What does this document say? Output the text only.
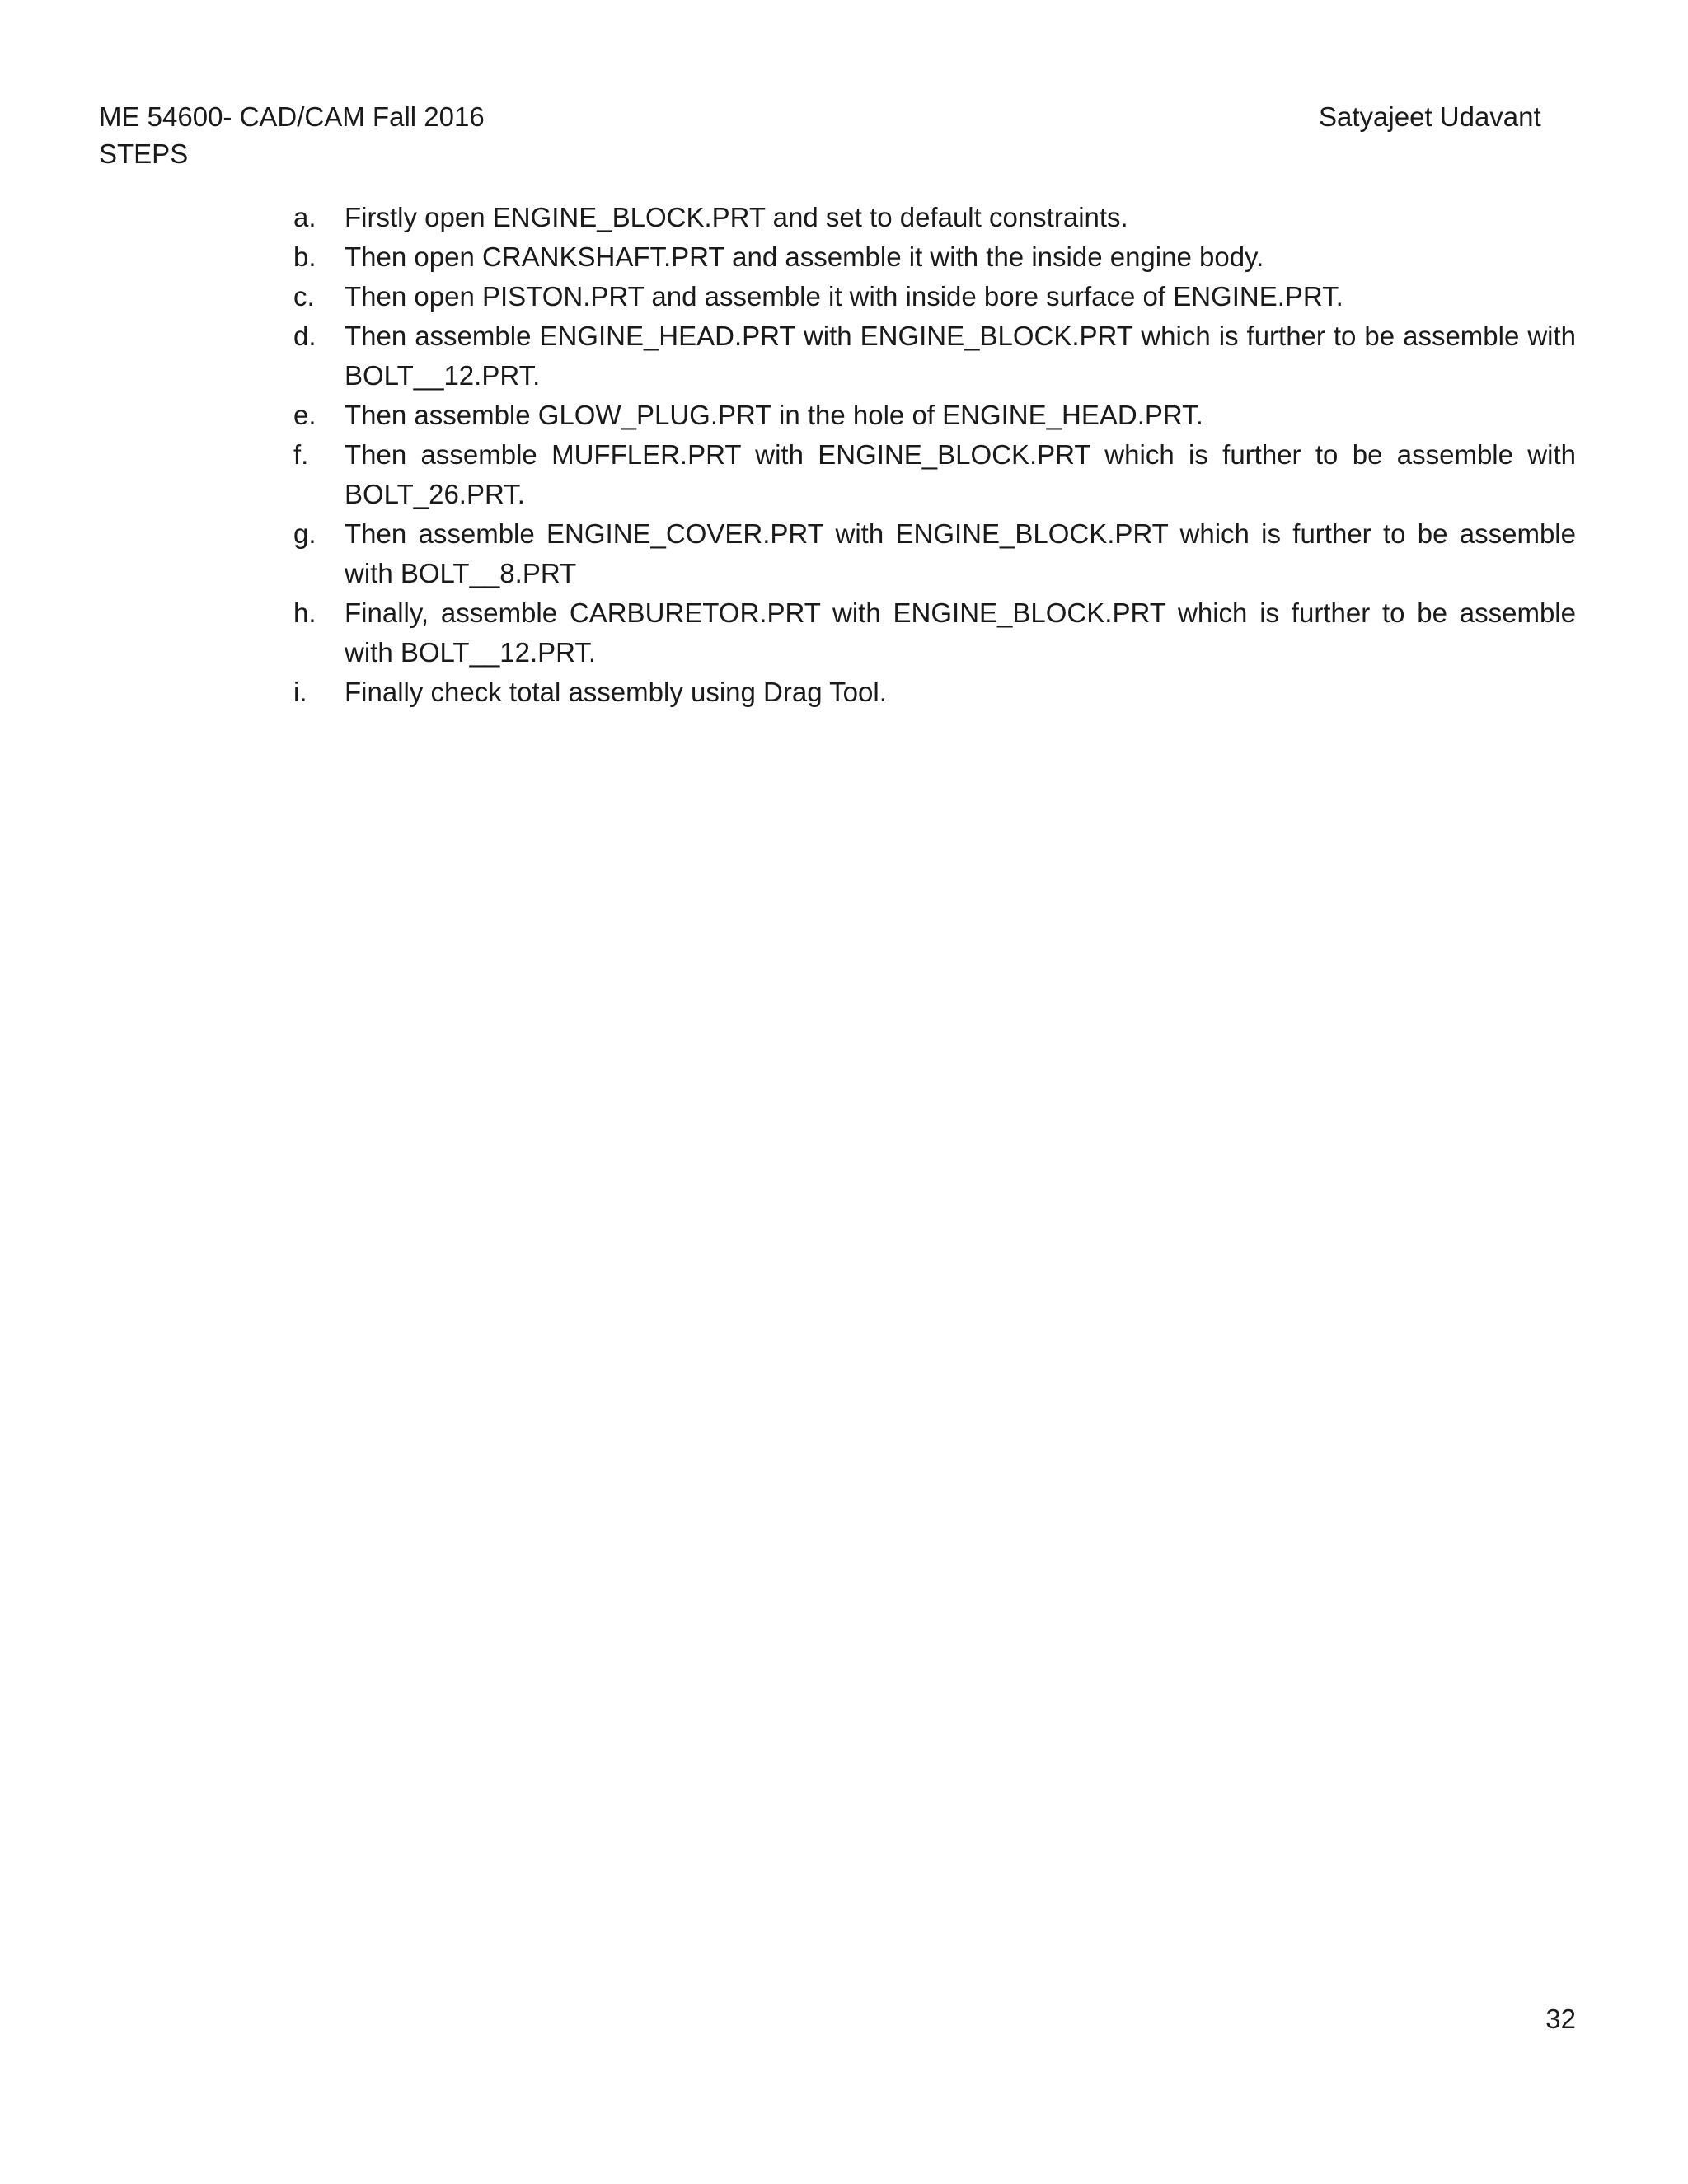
ME 54600- CAD/CAM Fall 2016	Satyajeet Udavant
STEPS
a.	Firstly open ENGINE_BLOCK.PRT and set to default constraints.
b.	Then open CRANKSHAFT.PRT and assemble it with the inside engine body.
c.	Then open PISTON.PRT and assemble it with inside bore surface of ENGINE.PRT.
d.	Then assemble ENGINE_HEAD.PRT with ENGINE_BLOCK.PRT which is further to be assemble with BOLT__12.PRT.
e.	Then assemble GLOW_PLUG.PRT in the hole of ENGINE_HEAD.PRT.
f.	Then assemble MUFFLER.PRT with ENGINE_BLOCK.PRT which is further to be assemble with BOLT_26.PRT.
g.	Then assemble ENGINE_COVER.PRT with ENGINE_BLOCK.PRT which is further to be assemble with BOLT__8.PRT
h.	Finally, assemble CARBURETOR.PRT with ENGINE_BLOCK.PRT which is further to be assemble with BOLT__12.PRT.
i.	Finally check total assembly using Drag Tool.
32
